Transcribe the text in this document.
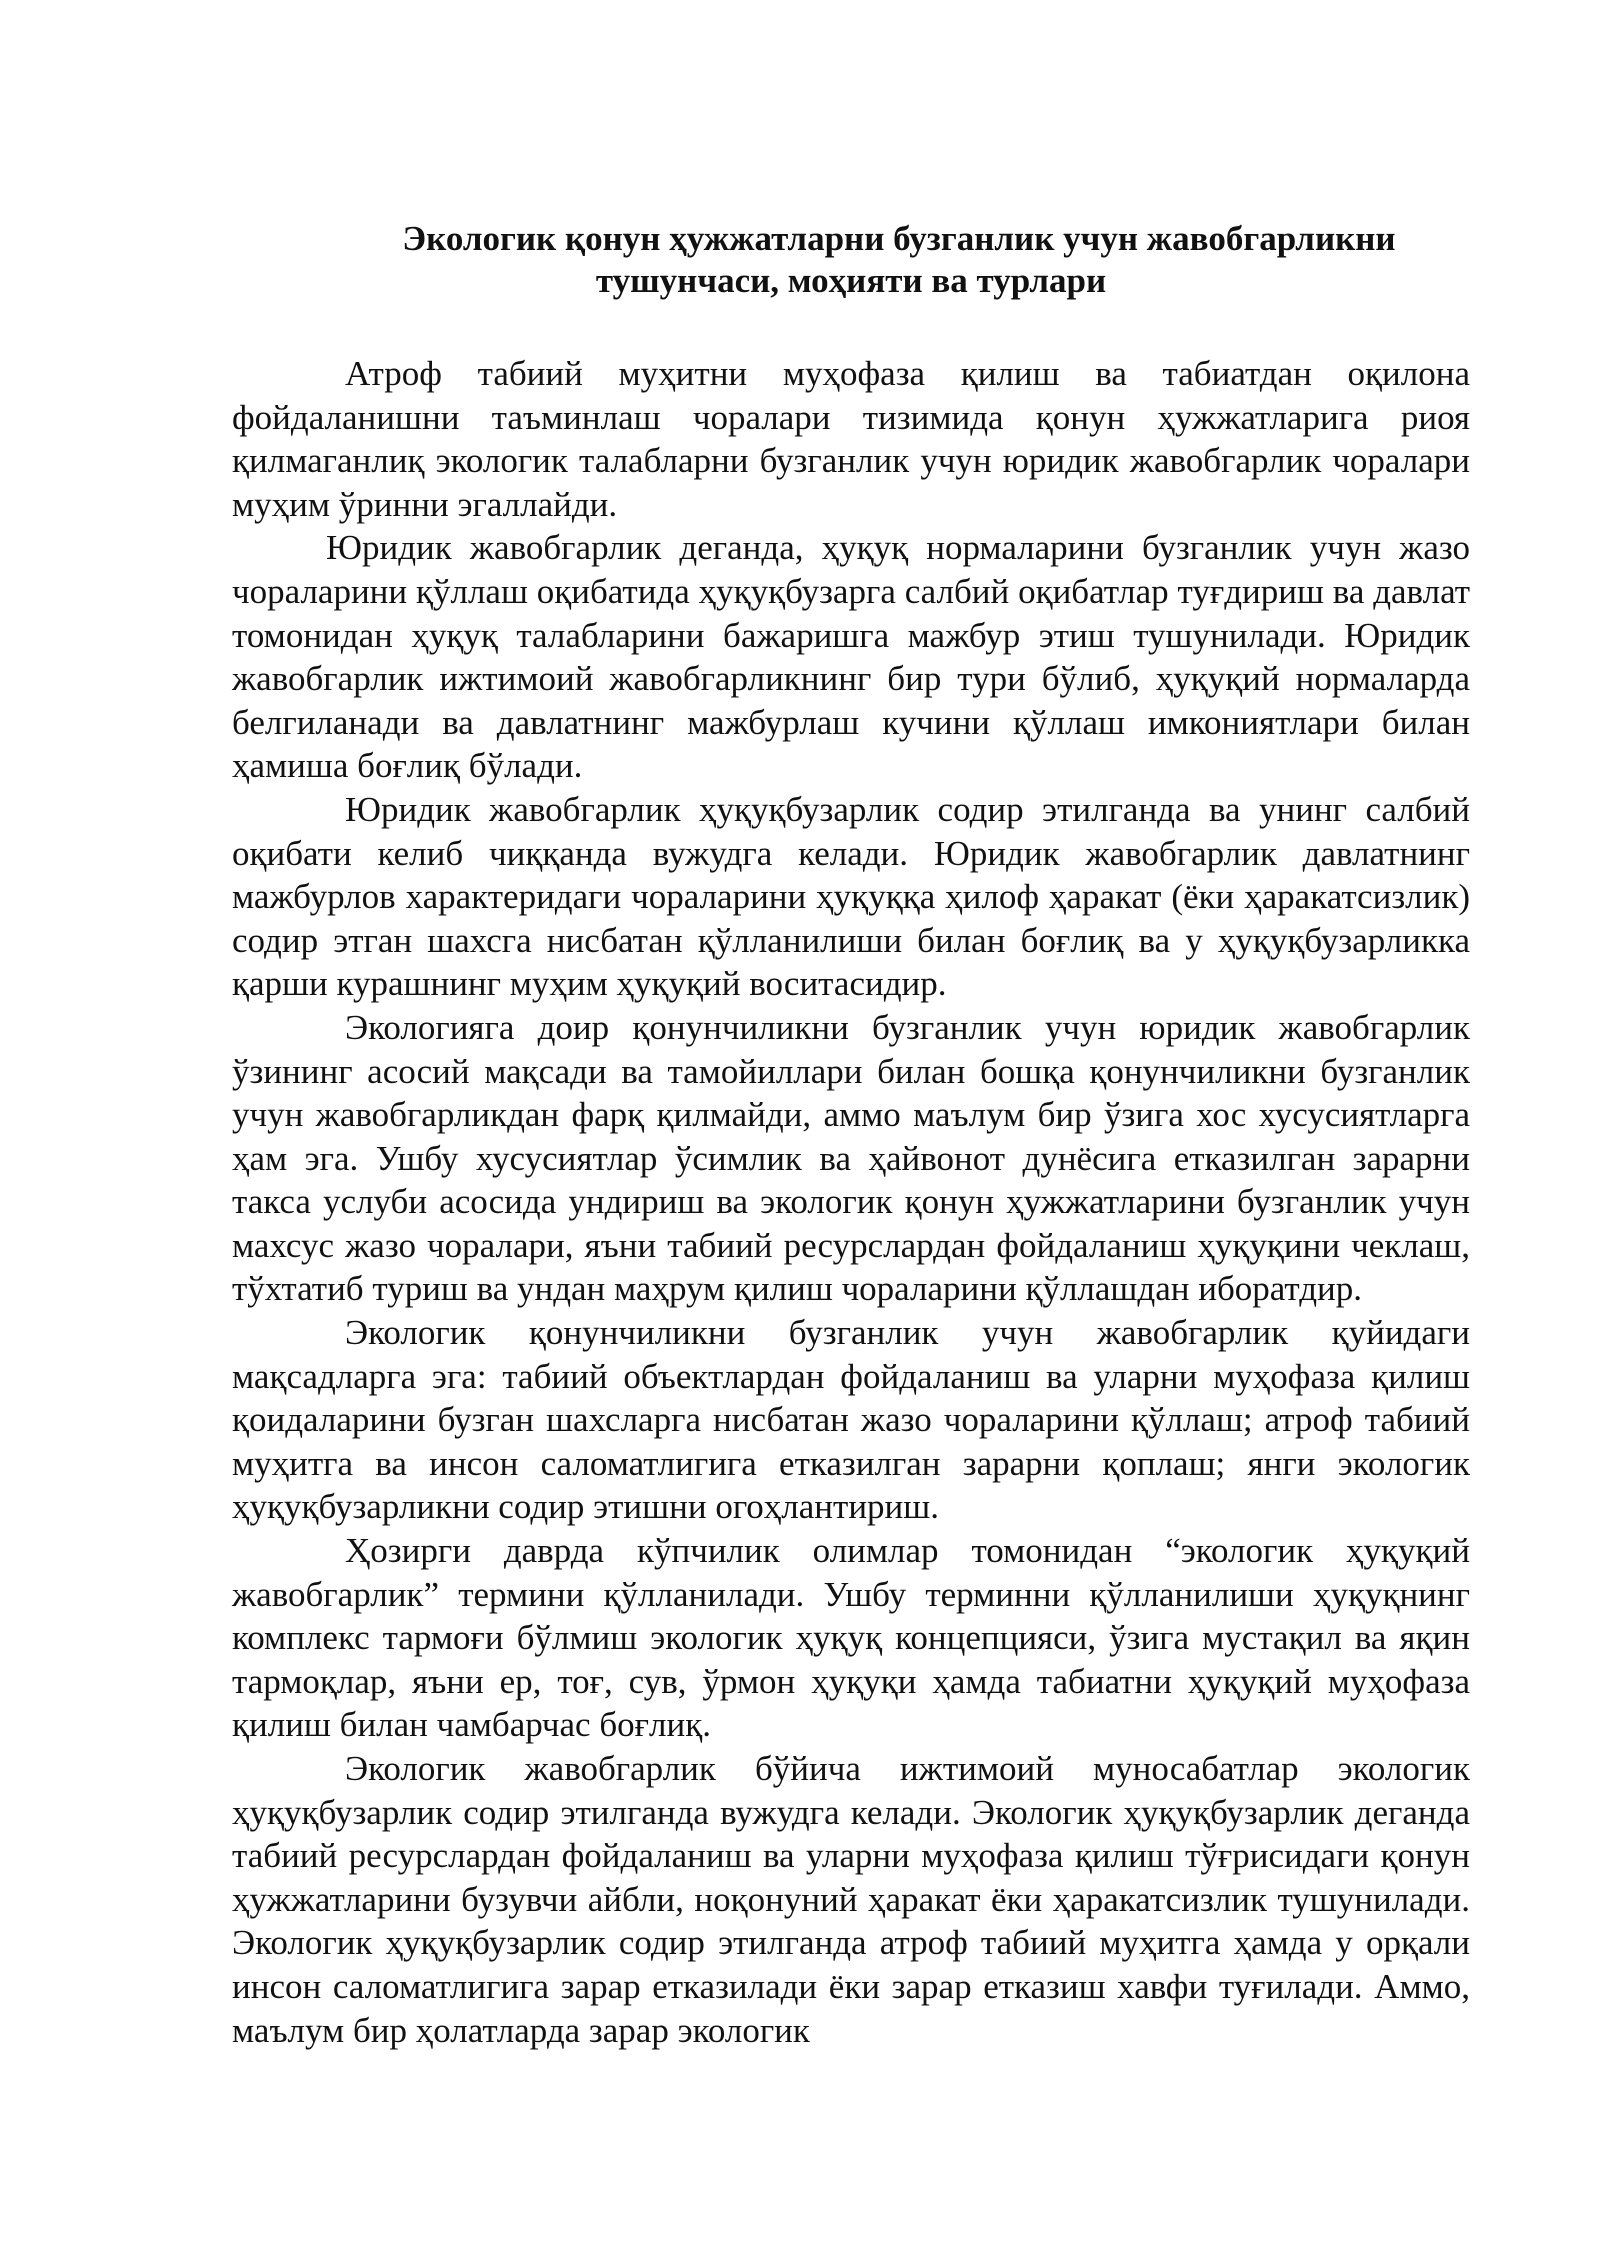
Экологик қонун ҳужжатларни бузганлик учун жавобгарликни
тушунчаси, моҳияти ва турлари

Атроф табиий муҳитни муҳофаза қилиш ва табиатдан оқилона фойдаланишни таъминлаш чоралари тизимида қонун ҳужжатларига риоя қилмаганлиқ экологик талабларни бузганлик учун юридик жавобгарлик чоралари муҳим ўринни эгаллайди.

Юридик жавобгарлик деганда, ҳуқуқ нормаларини бузганлик учун жазо чораларини қўллаш оқибатида ҳуқуқбузарга салбий оқибатлар туғдириш ва давлат томонидан ҳуқуқ талабларини бажаришга мажбур этиш тушунилади. Юридик жавобгарлик ижтимоий жавобгарликнинг бир тури бўлиб, ҳуқуқий нормаларда белгиланади ва давлатнинг мажбурлаш кучини қўллаш имкониятлари билан ҳамиша боғлиқ бўлади.

Юридик жавобгарлик ҳуқуқбузарлик содир этилганда ва унинг салбий оқибати келиб чиққанда вужудга келади. Юридик жавобгарлик давлатнинг мажбурлов характеридаги чораларини ҳуқуққа ҳилоф ҳаракат (ёки ҳаракатсизлик) содир этган шахсга нисбатан қўлланилиши билан боғлиқ ва у ҳуқуқбузарликка қарши курашнинг муҳим ҳуқуқий воситасидир.

Экологияга доир қонунчиликни бузганлик учун юридик жавобгарлик ўзининг асосий мақсади ва тамойиллари билан бошқа қонунчиликни бузганлик учун жавобгарликдан фарқ қилмайди, аммо маълум бир ўзига хос хусусиятларга ҳам эга. Ушбу хусусиятлар ўсимлик ва ҳайвонот дунёсига етказилган зарарни такса услуби асосида ундириш ва экологик қонун ҳужжатларини бузганлик учун махсус жазо чоралари, яъни табиий ресурслардан фойдаланиш ҳуқуқини чеклаш, тўхтатиб туриш ва ундан маҳрум қилиш чораларини қўллашдан иборатдир.

Экологик қонунчиликни бузганлик учун жавобгарлик қуйидаги мақсадларга эга: табиий объектлардан фойдаланиш ва уларни муҳофаза қилиш қоидаларини бузган шахсларга нисбатан жазо чораларини қўллаш; атроф табиий муҳитга ва инсон саломатлигига етказилган зарарни қоплаш; янги экологик ҳуқуқбузарликни содир этишни огоҳлантириш.

Ҳозирги даврда кўпчилик олимлар томонидан “экологик ҳуқуқий жавобгарлик” термини қўлланилади. Ушбу терминни қўлланилиши ҳуқуқнинг комплекс тармоғи бўлмиш экологик ҳуқуқ концепцияси, ўзига мустақил ва яқин тармоқлар, яъни ер, тоғ, сув, ўрмон ҳуқуқи ҳамда табиатни ҳуқуқий муҳофаза қилиш билан чамбарчас боғлиқ.

Экологик жавобгарлик бўйича ижтимоий муносабатлар экологик ҳуқуқбузарлик содир этилганда вужудга келади. Экологик ҳуқуқбузарлик деганда табиий ресурслардан фойдаланиш ва уларни муҳофаза қилиш тўғрисидаги қонун ҳужжатларини бузувчи айбли, ноқонуний ҳаракат ёки ҳаракатсизлик тушунилади. Экологик ҳуқуқбузарлик содир этилганда атроф табиий муҳитга ҳамда у орқали инсон саломатлигига зарар етказилади ёки зарар етказиш хавфи туғилади. Аммо, маълум бир ҳолатларда зарар экологик
